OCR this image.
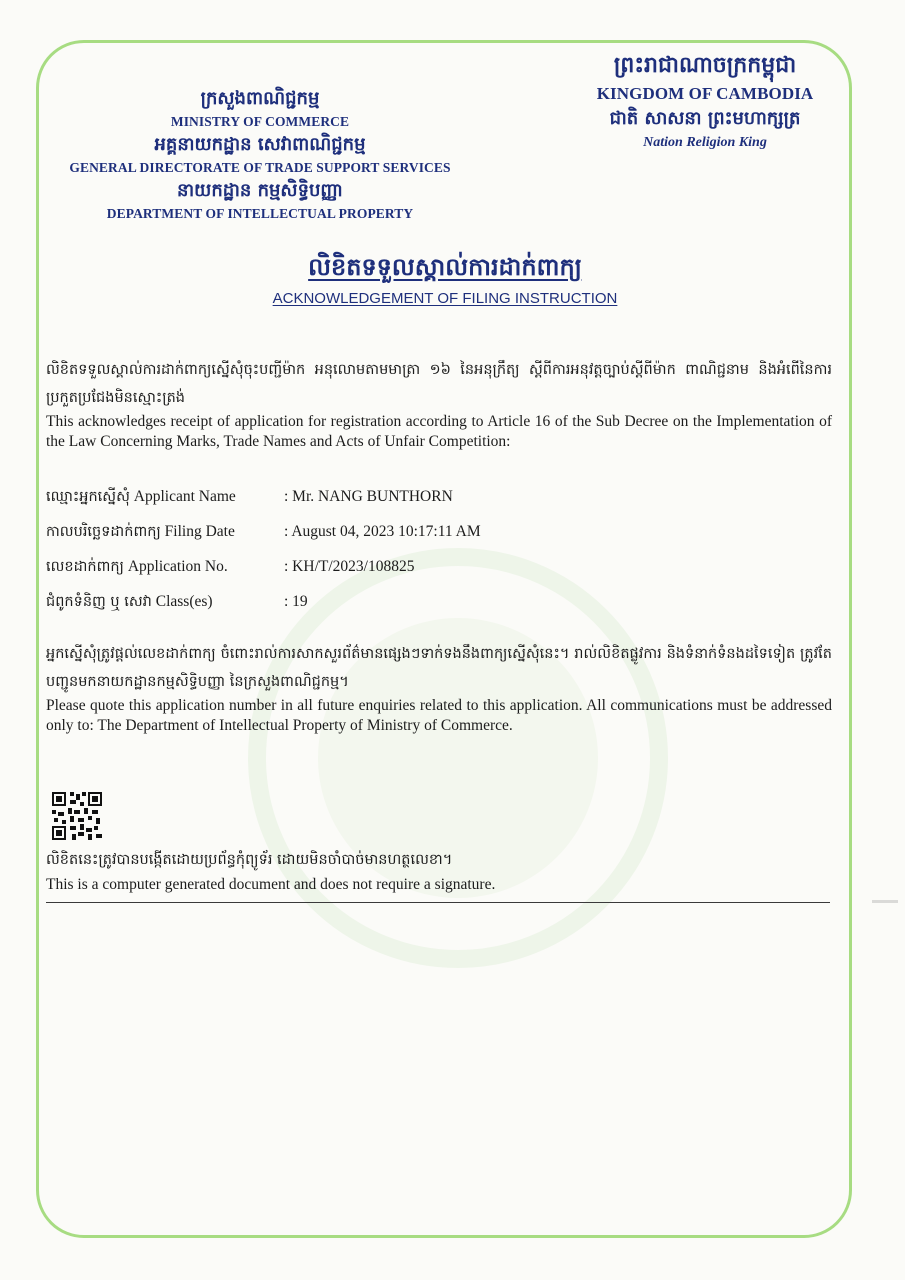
ក្រសួងពាណិជ្ជកម្ម
MINISTRY OF COMMERCE
អគ្គនាយកដ្ឋាន សេវាពាណិជ្ជកម្ម
GENERAL DIRECTORATE OF TRADE SUPPORT SERVICES
នាយកដ្ឋាន កម្មសិទ្ធិបញ្ញា
DEPARTMENT OF INTELLECTUAL PROPERTY
ព្រះរាជាណាចក្រកម្ពុជា
KINGDOM OF CAMBODIA
ជាតិ សាសនា ព្រះមហាក្សត្រ
Nation Religion King
លិខិតទទួលស្គាល់ការដាក់ពាក្យ
ACKNOWLEDGEMENT OF FILING INSTRUCTION
លិខិតទទួលស្គាល់ការដាក់ពាក្យស្នើសុំចុះបញ្ជីម៉ាក អនុលោមតាមមាត្រា ១៦ នៃអនុក្រឹត្យ ស្តីពីការអនុវត្តច្បាប់ស្តីពីម៉ាក ពាណិជ្ជនាម និងអំពើនៃការប្រកួតប្រជែងមិនស្មោះត្រង់
This acknowledges receipt of application for registration according to Article 16 of the Sub Decree on the Implementation of the Law Concerning Marks, Trade Names and Acts of Unfair Competition:
ឈ្មោះអ្នកស្នើសុំ Applicant Name	: Mr. NANG BUNTHORN
កាលបរិច្ឆេទដាក់ពាក្យ Filing Date	: August 04, 2023 10:17:11 AM
លេខដាក់ពាក្យ Application No.	: KH/T/2023/108825
ជំពូកទំនិញ ឬ សេវា Class(es)	: 19
អ្នកស្នើសុំត្រូវផ្តល់លេខដាក់ពាក្យ ចំពោះរាល់ការសាកសួរព័ត៌មានផ្សេងៗទាក់ទងនឹងពាក្យស្នើសុំនេះ។ រាល់លិខិតផ្លូវការ និងទំនាក់ទំនងដទៃទៀត ត្រូវតែបញ្ជូនមកនាយកដ្ឋានកម្មសិទ្ធិបញ្ញា នៃក្រសួងពាណិជ្ជកម្ម។
Please quote this application number in all future enquiries related to this application. All communications must be addressed only to: The Department of Intellectual Property of Ministry of Commerce.
លិខិតនេះត្រូវបានបង្កើតដោយប្រព័ន្ធកុំព្យូទ័រ ដោយមិនចាំបាច់មានហត្ថលេខា។
This is a computer generated document and does not require a signature.
